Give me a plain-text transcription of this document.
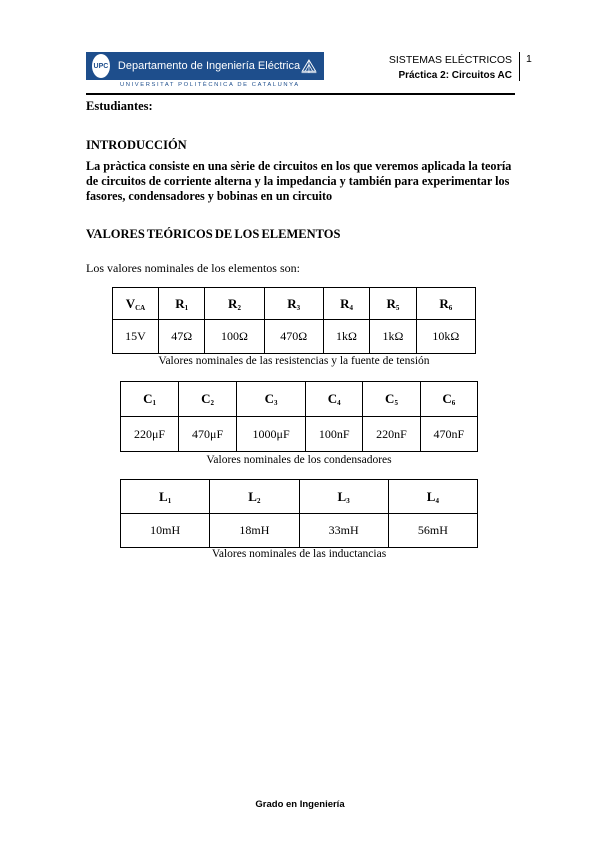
UPC Departamento de Ingeniería Eléctrica
UNIVERSITAT POLITÈCNICA DE CATALUNYA
SISTEMAS ELÉCTRICOS
Práctica 2: Circuitos AC
1
Estudiantes:
INTRODUCCIÓN
La pràctica consiste en una sèrie de circuitos en los que veremos aplicada la teoría de circuitos de corriente alterna y la impedancia y también para experimentar los fasores, condensadores y bobinas en un circuito
VALORES TEÓRICOS DE LOS ELEMENTOS
Los valores nominales de los elementos son:
$V_{CA}$	$R_1$	$R_2$	$R_3$	$R_4$	$R_5$	$R_6$
15V	47Ω	100Ω	470Ω	1kΩ	1kΩ	10kΩ
Valores nominales de las resistencias y la fuente de tensión
$C_1$	$C_2$	$C_3$	$C_4$	$C_5$	$C_6$
220μF	470μF	1000μF	100nF	220nF	470nF
Valores nominales de los condensadores
$L_1$	$L_2$	$L_3$	$L_4$
10mH	18mH	33mH	56mH
Valores nominales de las inductancias
Grado en Ingeniería
